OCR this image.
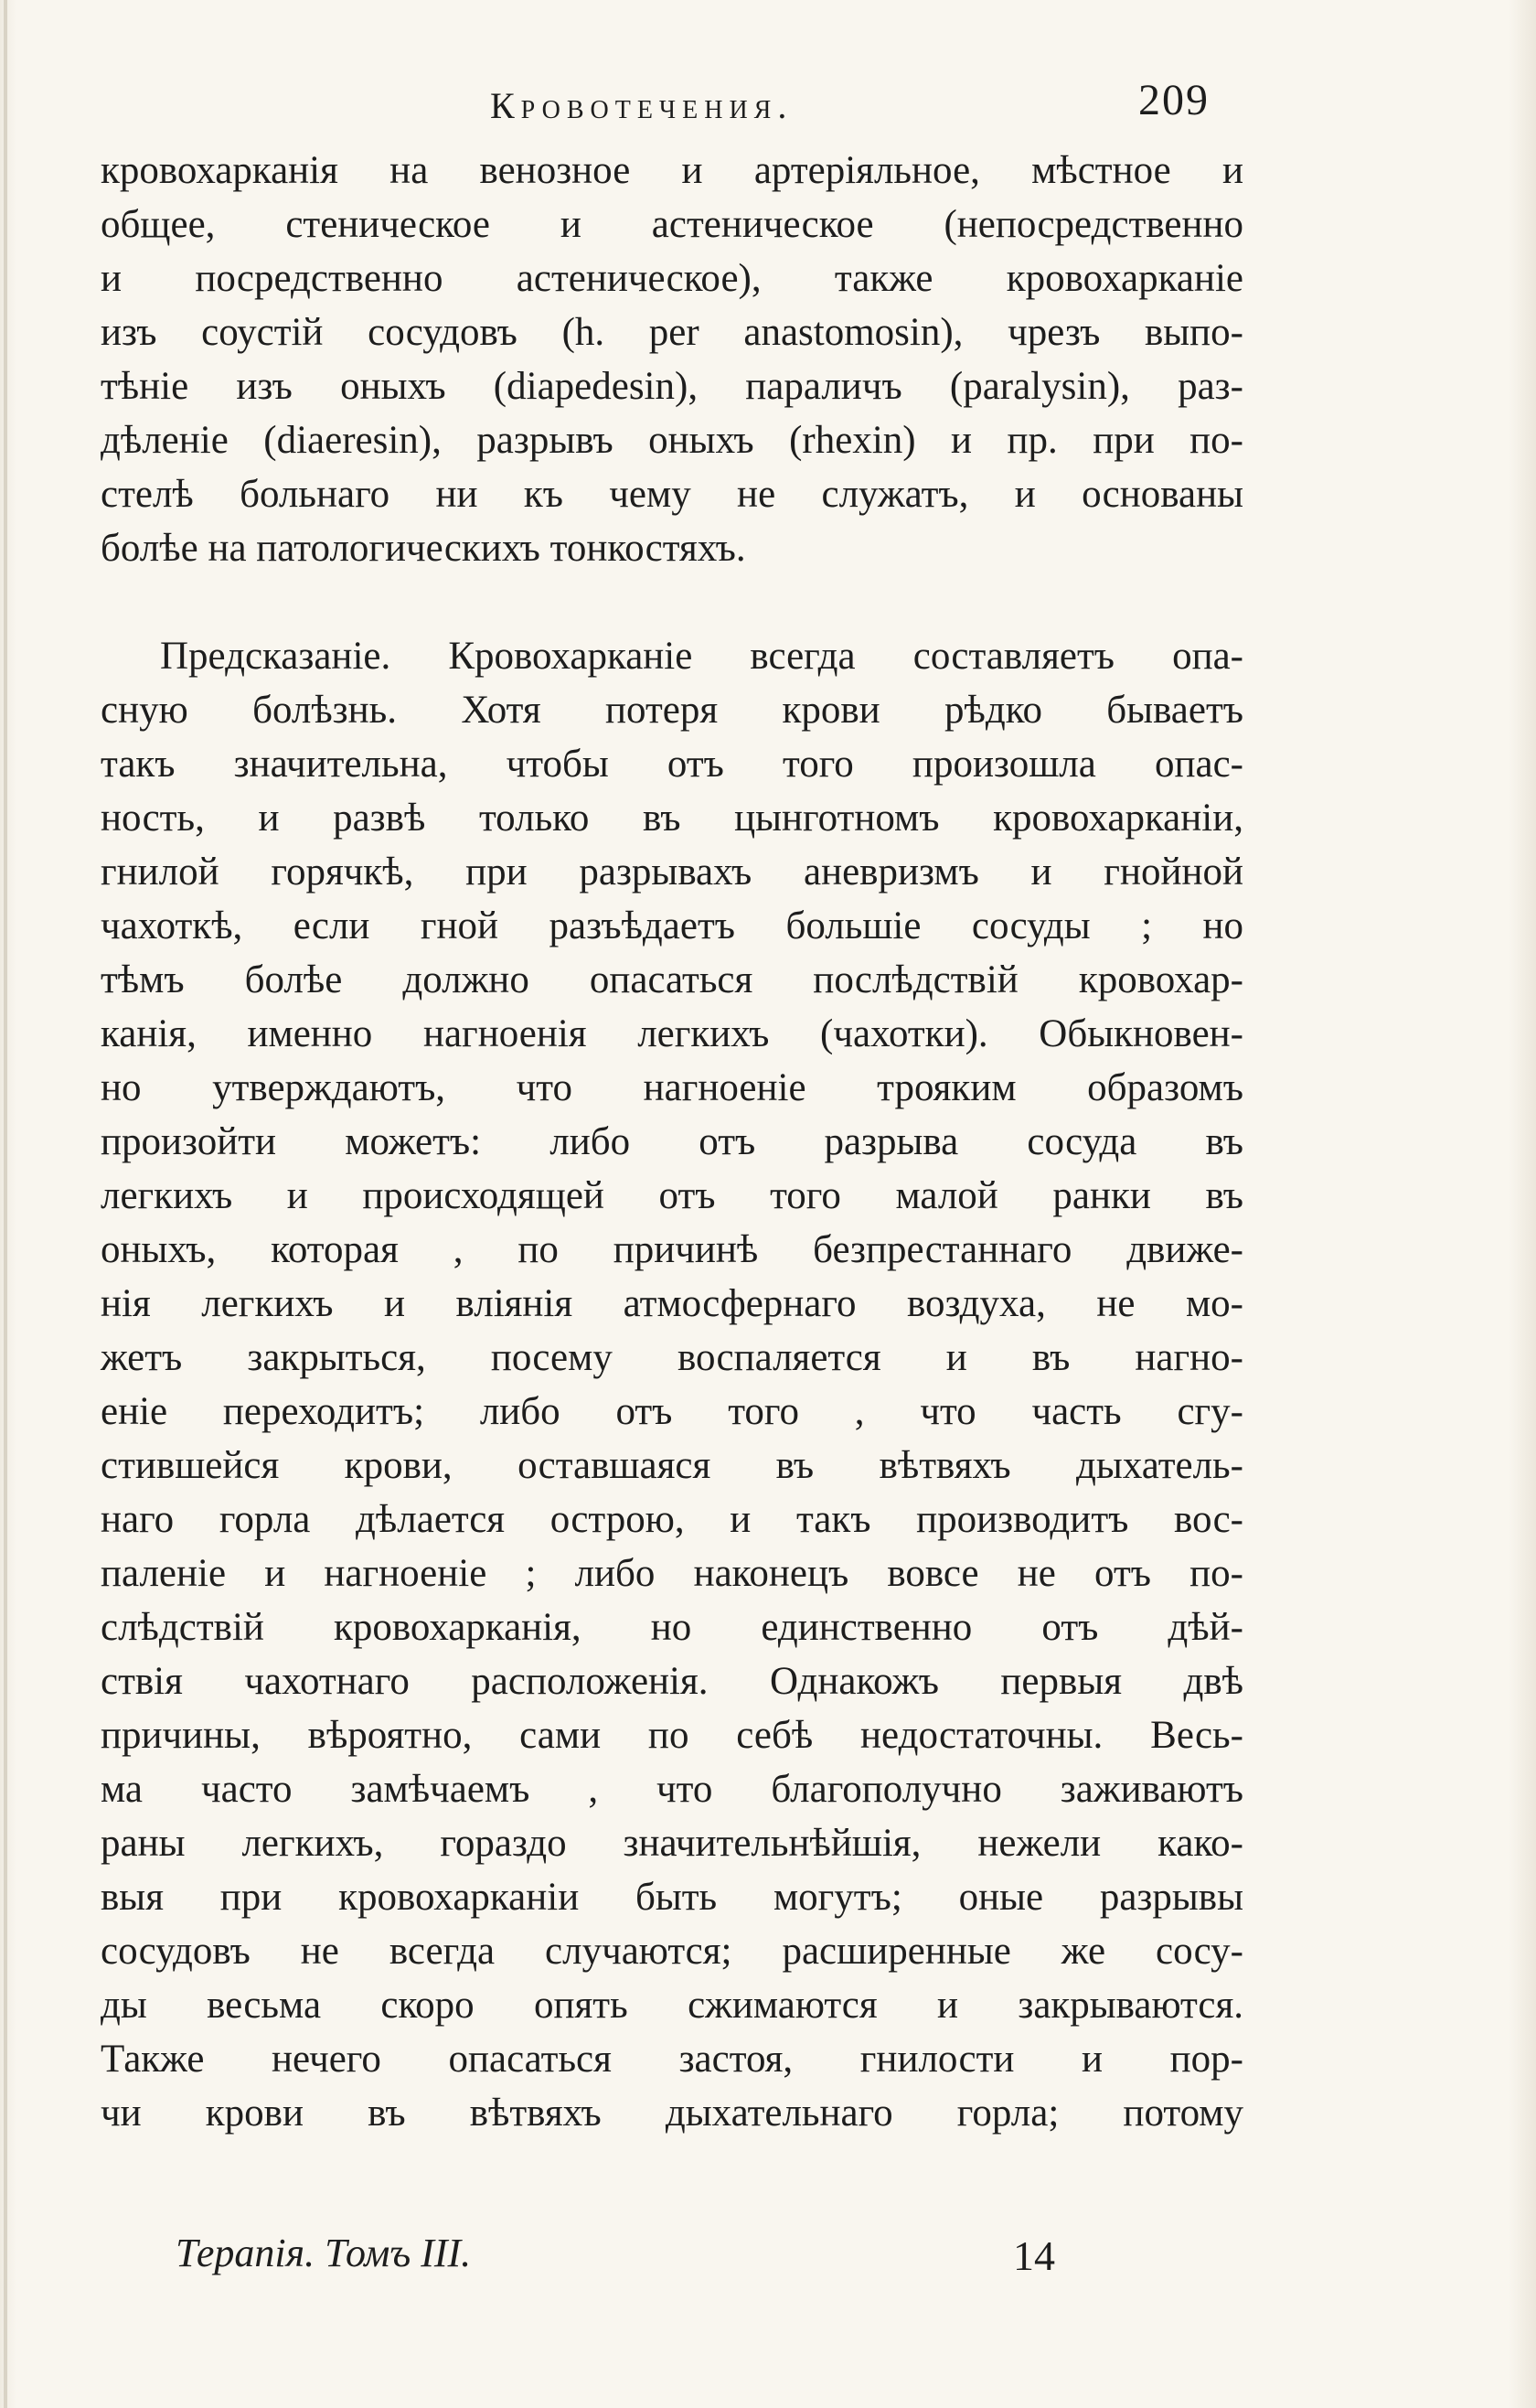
Кровотечения.	209
кровохарканія на венозное и артеріяльное, мѣстное и
общее, стеническое и астеническое (непосредственно
и посредственно астеническое), также кровохарканіе
изъ соустій сосудовъ (h. per anastomosin), чрезъ выпо-
тѣніе изъ оныхъ (diapedesin), параличъ (paralysin), раз-
дѣленіе (diaeresin), разрывъ оныхъ (rhexin) и пр. при по-
стелѣ больнаго ни къ чему не служатъ, и основаны
болѣе на патологическихъ тонкостяхъ.
Предсказаніе. Кровохарканіе всегда составляетъ опа-
сную болѣзнь. Хотя потеря крови рѣдко бываетъ
такъ значительна, чтобы отъ того произошла опас-
ность, и развѣ только въ цынготномъ кровохарканіи,
гнилой горячкѣ, при разрывахъ аневризмъ и гнойной
чахоткѣ, если гной разъѣдаетъ большіе сосуды ; но
тѣмъ болѣе должно опасаться послѣдствій кровохар-
канія, именно нагноенія легкихъ (чахотки). Обыкновен-
но утверждаютъ, что нагноеніе трояким образомъ
произойти можетъ: либо отъ разрыва сосуда въ
легкихъ и происходящей отъ того малой ранки въ
оныхъ, которая , по причинѣ безпрестаннаго движе-
нія легкихъ и вліянія атмосфернаго воздуха, не мо-
жетъ закрыться, посему воспаляется и въ нагно-
еніе переходитъ; либо отъ того , что часть сгу-
стившейся крови, оставшаяся въ вѣтвяхъ дыхатель-
наго горла дѣлается острою, и такъ производитъ вос-
паленіе и нагноеніе ; либо наконецъ вовсе не отъ по-
слѣдствій кровохарканія, но единственно отъ дѣй-
ствія чахотнаго расположенія. Однакожъ первыя двѣ
причины, вѣроятно, сами по себѣ недостаточны. Весь-
ма часто замѣчаемъ , что благополучно заживаютъ
раны легкихъ, гораздо значительнѣйшія, нежели како-
выя при кровохарканіи быть могутъ; оные разрывы
сосудовъ не всегда случаются; расширенные же сосу-
ды весьма скоро опять сжимаются и закрываются.
Также нечего опасаться застоя, гнилости и пор-
чи крови въ вѣтвяхъ дыхательнаго горла; потому
Терапія. Томъ III.	14
